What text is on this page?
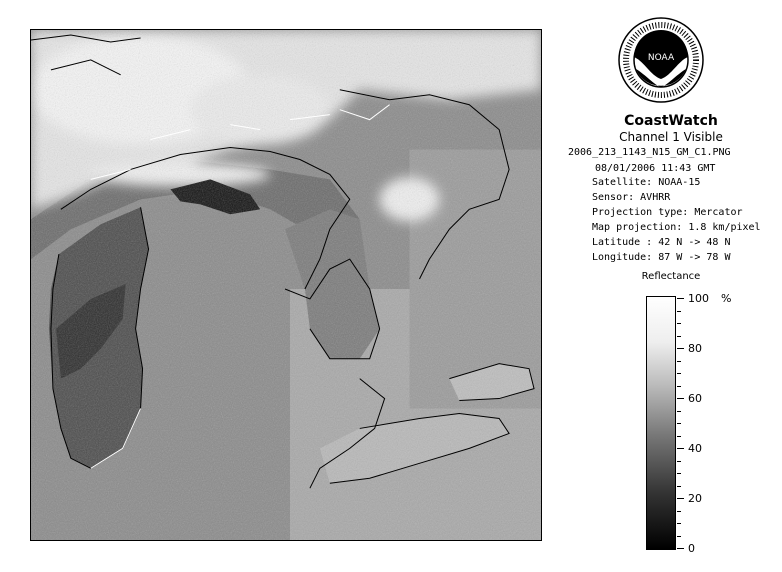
NOAA
CoastWatch
Channel 1 Visible
2006_213_1143_N15_GM_C1.PNG
08/01/2006 11:43 GMT
Satellite: NOAA-15
Sensor: AVHRR
Projection type: Mercator
Map projection: 1.8 km/pixel
Latitude : 42 N -> 48 N
Longitude: 87 W -> 78 W
Reflectance
%
0
20
40
60
80
100
